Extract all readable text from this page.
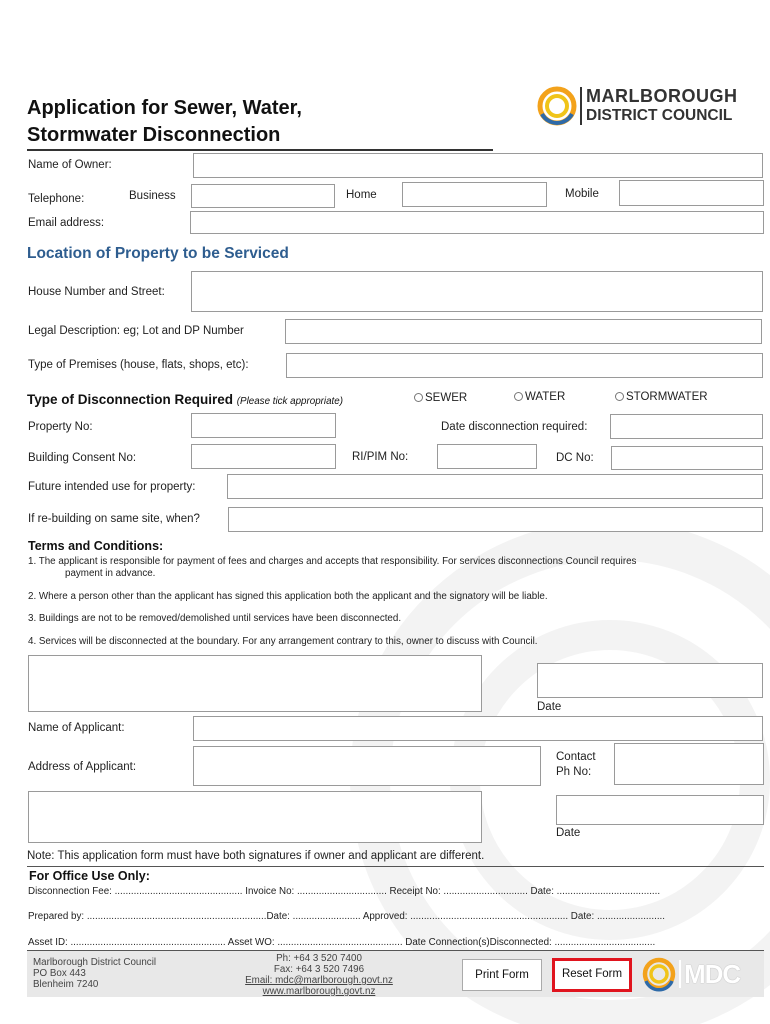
Application for Sewer, Water,
Stormwater Disconnection
MARLBOROUGH
DISTRICT COUNCIL
Name of Owner:
Telephone:	Business	Home	Mobile
Email address:
Location of Property to be Serviced
House Number and Street:
Legal Description: eg; Lot and DP Number
Type of Premises (house, flats, shops, etc):
Type of Disconnection Required (Please tick appropriate)	SEWER	WATER	STORMWATER
Property No:	Date disconnection required:
Building Consent No:	RI/PIM No:	DC No:
Future intended use for property:
If re-building on same site, when?
Terms and Conditions:
1. The applicant is responsible for payment of fees and charges and accepts that responsibility. For services disconnections Council requires
payment in advance.
2. Where a person other than the applicant has signed this application both the applicant and the signatory will be liable.
3. Buildings are not to be removed/demolished until services have been disconnected.
4. Services will be disconnected at the boundary. For any arrangement contrary to this, owner to discuss with Council.
Date
Name of Applicant:
Address of Applicant:
Contact
Ph No:
Date
Note: This application form must have both signatures if owner and applicant are different.
For Office Use Only:
Disconnection Fee: ............................................... Invoice No: ................................. Receipt No: ............................... Date: ......................................
Prepared by: ..................................................................Date: ......................... Approved: .......................................................... Date: .........................
Asset ID: ......................................................... Asset WO: .............................................. Date Connection(s)Disconnected: .....................................
Marlborough District Council
PO Box 443
Blenheim 7240
Ph: +64 3 520 7400
Fax: +64 3 520 7496
Email: mdc@marlborough.govt.nz
www.marlborough.govt.nz
Print Form	Reset Form	MDC
